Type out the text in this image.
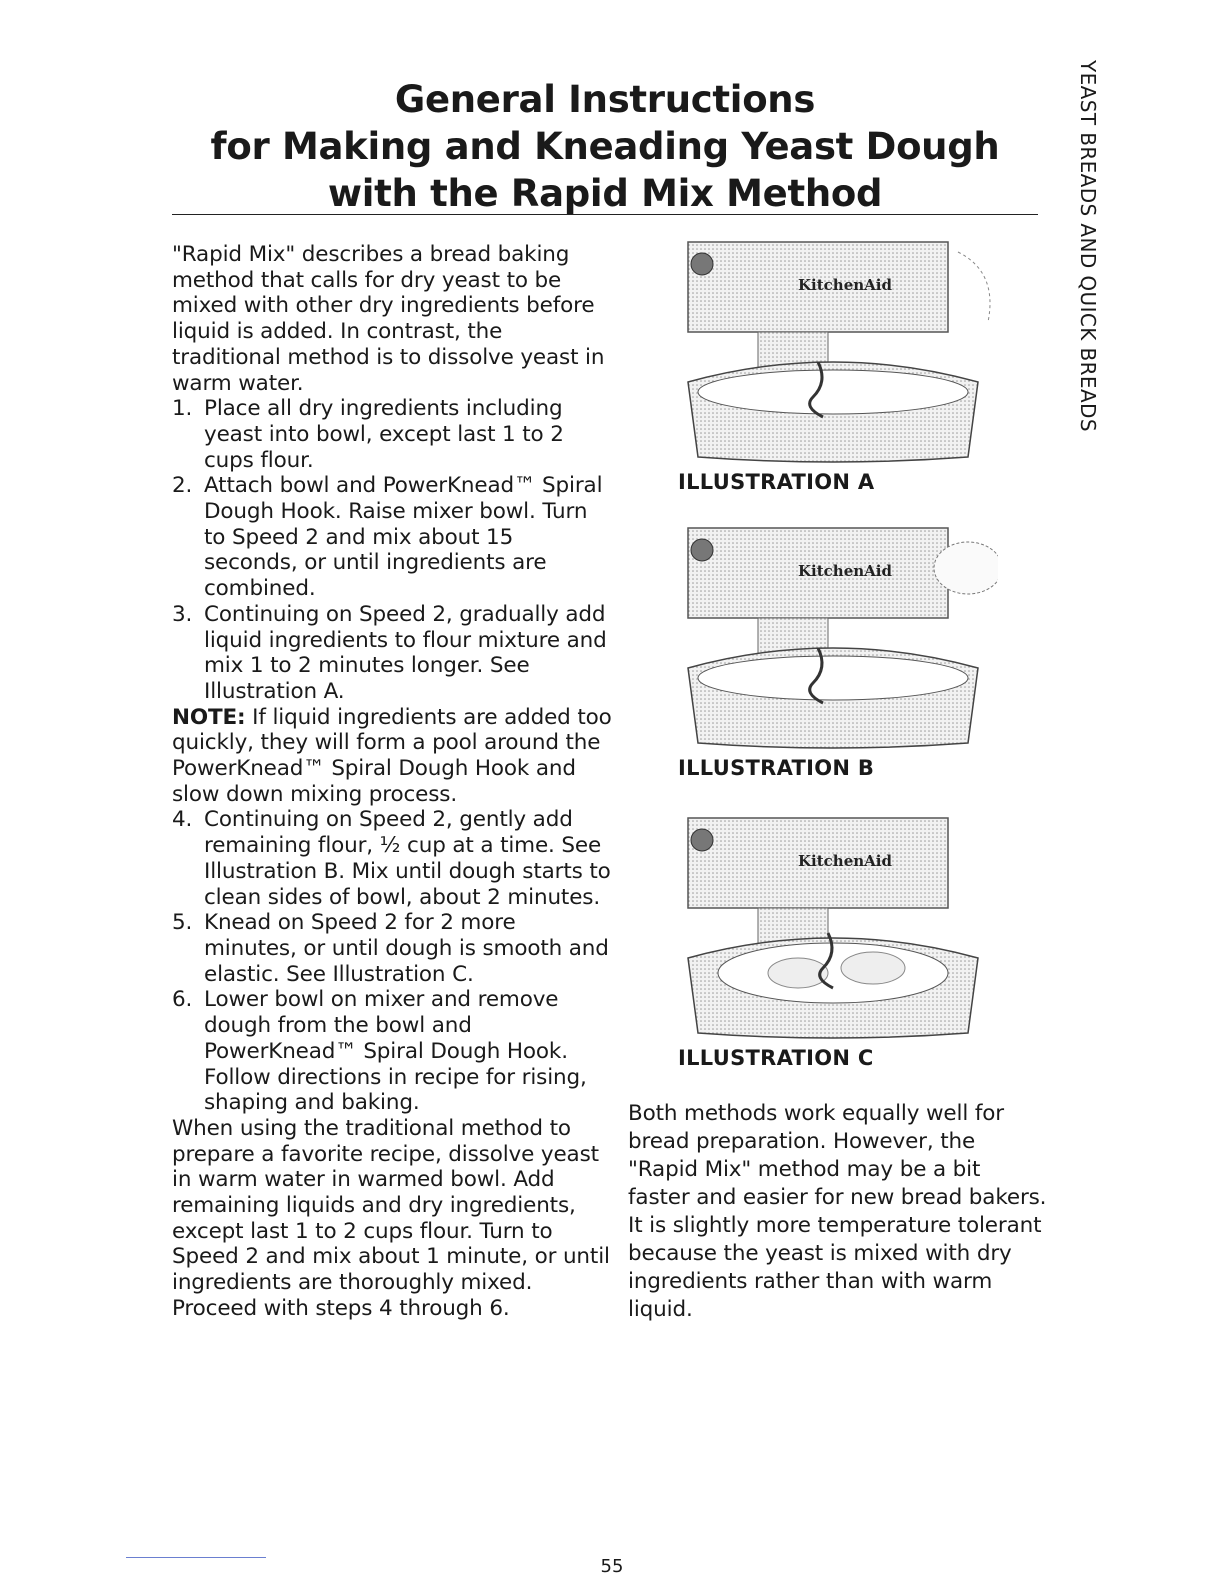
General Instructions
for Making and Kneading Yeast Dough
with the Rapid Mix Method	YEAST BREADS AND QUICK BREADS

"Rapid Mix" describes a bread baking method that calls for dry yeast to be mixed with other dry ingredients before liquid is added. In contrast, the traditional method is to dissolve yeast in warm water.

1. Place all dry ingredients including yeast into bowl, except last 1 to 2 cups flour.
2. Attach bowl and PowerKnead™ Spiral Dough Hook. Raise mixer bowl. Turn to Speed 2 and mix about 15 seconds, or until ingredients are combined.
3. Continuing on Speed 2, gradually add liquid ingredients to flour mixture and mix 1 to 2 minutes longer. See Illustration A.

NOTE: If liquid ingredients are added too quickly, they will form a pool around the PowerKnead™ Spiral Dough Hook and slow down mixing process.

4. Continuing on Speed 2, gently add remaining flour, ½ cup at a time. See Illustration B. Mix until dough starts to clean sides of bowl, about 2 minutes.
5. Knead on Speed 2 for 2 more minutes, or until dough is smooth and elastic. See Illustration C.
6. Lower bowl on mixer and remove dough from the bowl and PowerKnead™ Spiral Dough Hook. Follow directions in recipe for rising, shaping and baking.

When using the traditional method to prepare a favorite recipe, dissolve yeast in warm water in warmed bowl. Add remaining liquids and dry ingredients, except last 1 to 2 cups flour. Turn to Speed 2 and mix about 1 minute, or until ingredients are thoroughly mixed. Proceed with steps 4 through 6.

KitchenAid
ILLUSTRATION A
KitchenAid
ILLUSTRATION B
KitchenAid
ILLUSTRATION C
Both methods work equally well for bread preparation. However, the "Rapid Mix" method may be a bit faster and easier for new bread bakers. It is slightly more temperature tolerant because the yeast is mixed with dry ingredients rather than with warm liquid.
55
